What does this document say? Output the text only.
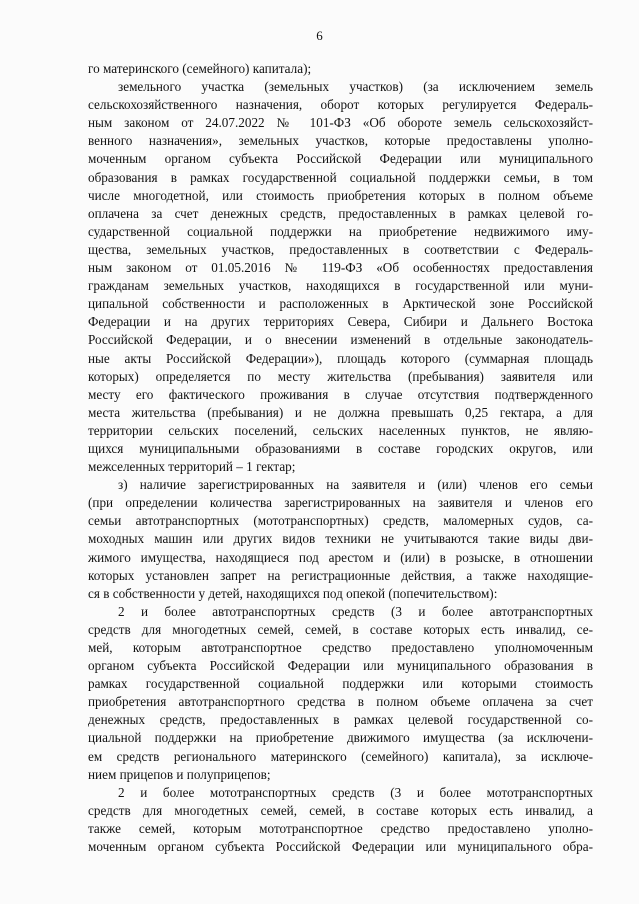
6
го материнского (семейного) капитала);
земельного участка (земельных участков) (за исключением земель
сельскохозяйственного назначения, оборот которых регулируется Федераль-
ным законом от 24.07.2022 № 101-ФЗ «Об обороте земель сельскохозяйст-
венного назначения», земельных участков, которые предоставлены уполно-
моченным органом субъекта Российской Федерации или муниципального
образования в рамках государственной социальной поддержки семьи, в том
числе многодетной, или стоимость приобретения которых в полном объеме
оплачена за счет денежных средств, предоставленных в рамках целевой го-
сударственной социальной поддержки на приобретение недвижимого иму-
щества, земельных участков, предоставленных в соответствии с Федераль-
ным законом от 01.05.2016 № 119-ФЗ «Об особенностях предоставления
гражданам земельных участков, находящихся в государственной или муни-
ципальной собственности и расположенных в Арктической зоне Российской
Федерации и на других территориях Севера, Сибири и Дальнего Востока
Российской Федерации, и о внесении изменений в отдельные законодатель-
ные акты Российской Федерации»), площадь которого (суммарная площадь
которых) определяется по месту жительства (пребывания) заявителя или
месту его фактического проживания в случае отсутствия подтвержденного
места жительства (пребывания) и не должна превышать 0,25 гектара, а для
территории сельских поселений, сельских населенных пунктов, не являю-
щихся муниципальными образованиями в составе городских округов, или
межселенных территорий – 1 гектар;
з) наличие зарегистрированных на заявителя и (или) членов его семьи
(при определении количества зарегистрированных на заявителя и членов его
семьи автотранспортных (мототранспортных) средств, маломерных судов, са-
моходных машин или других видов техники не учитываются такие виды дви-
жимого имущества, находящиеся под арестом и (или) в розыске, в отношении
которых установлен запрет на регистрационные действия, а также находящие-
ся в собственности у детей, находящихся под опекой (попечительством):
2 и более автотранспортных средств (3 и более автотранспортных
средств для многодетных семей, семей, в составе которых есть инвалид, се-
мей, которым автотранспортное средство предоставлено уполномоченным
органом субъекта Российской Федерации или муниципального образования в
рамках государственной социальной поддержки или которыми стоимость
приобретения автотранспортного средства в полном объеме оплачена за счет
денежных средств, предоставленных в рамках целевой государственной со-
циальной поддержки на приобретение движимого имущества (за исключени-
ем средств регионального материнского (семейного) капитала), за исключе-
нием прицепов и полуприцепов;
2 и более мототранспортных средств (3 и более мототранспортных
средств для многодетных семей, семей, в составе которых есть инвалид, а
также семей, которым мототранспортное средство предоставлено уполно-
моченным органом субъекта Российской Федерации или муниципального обра-
